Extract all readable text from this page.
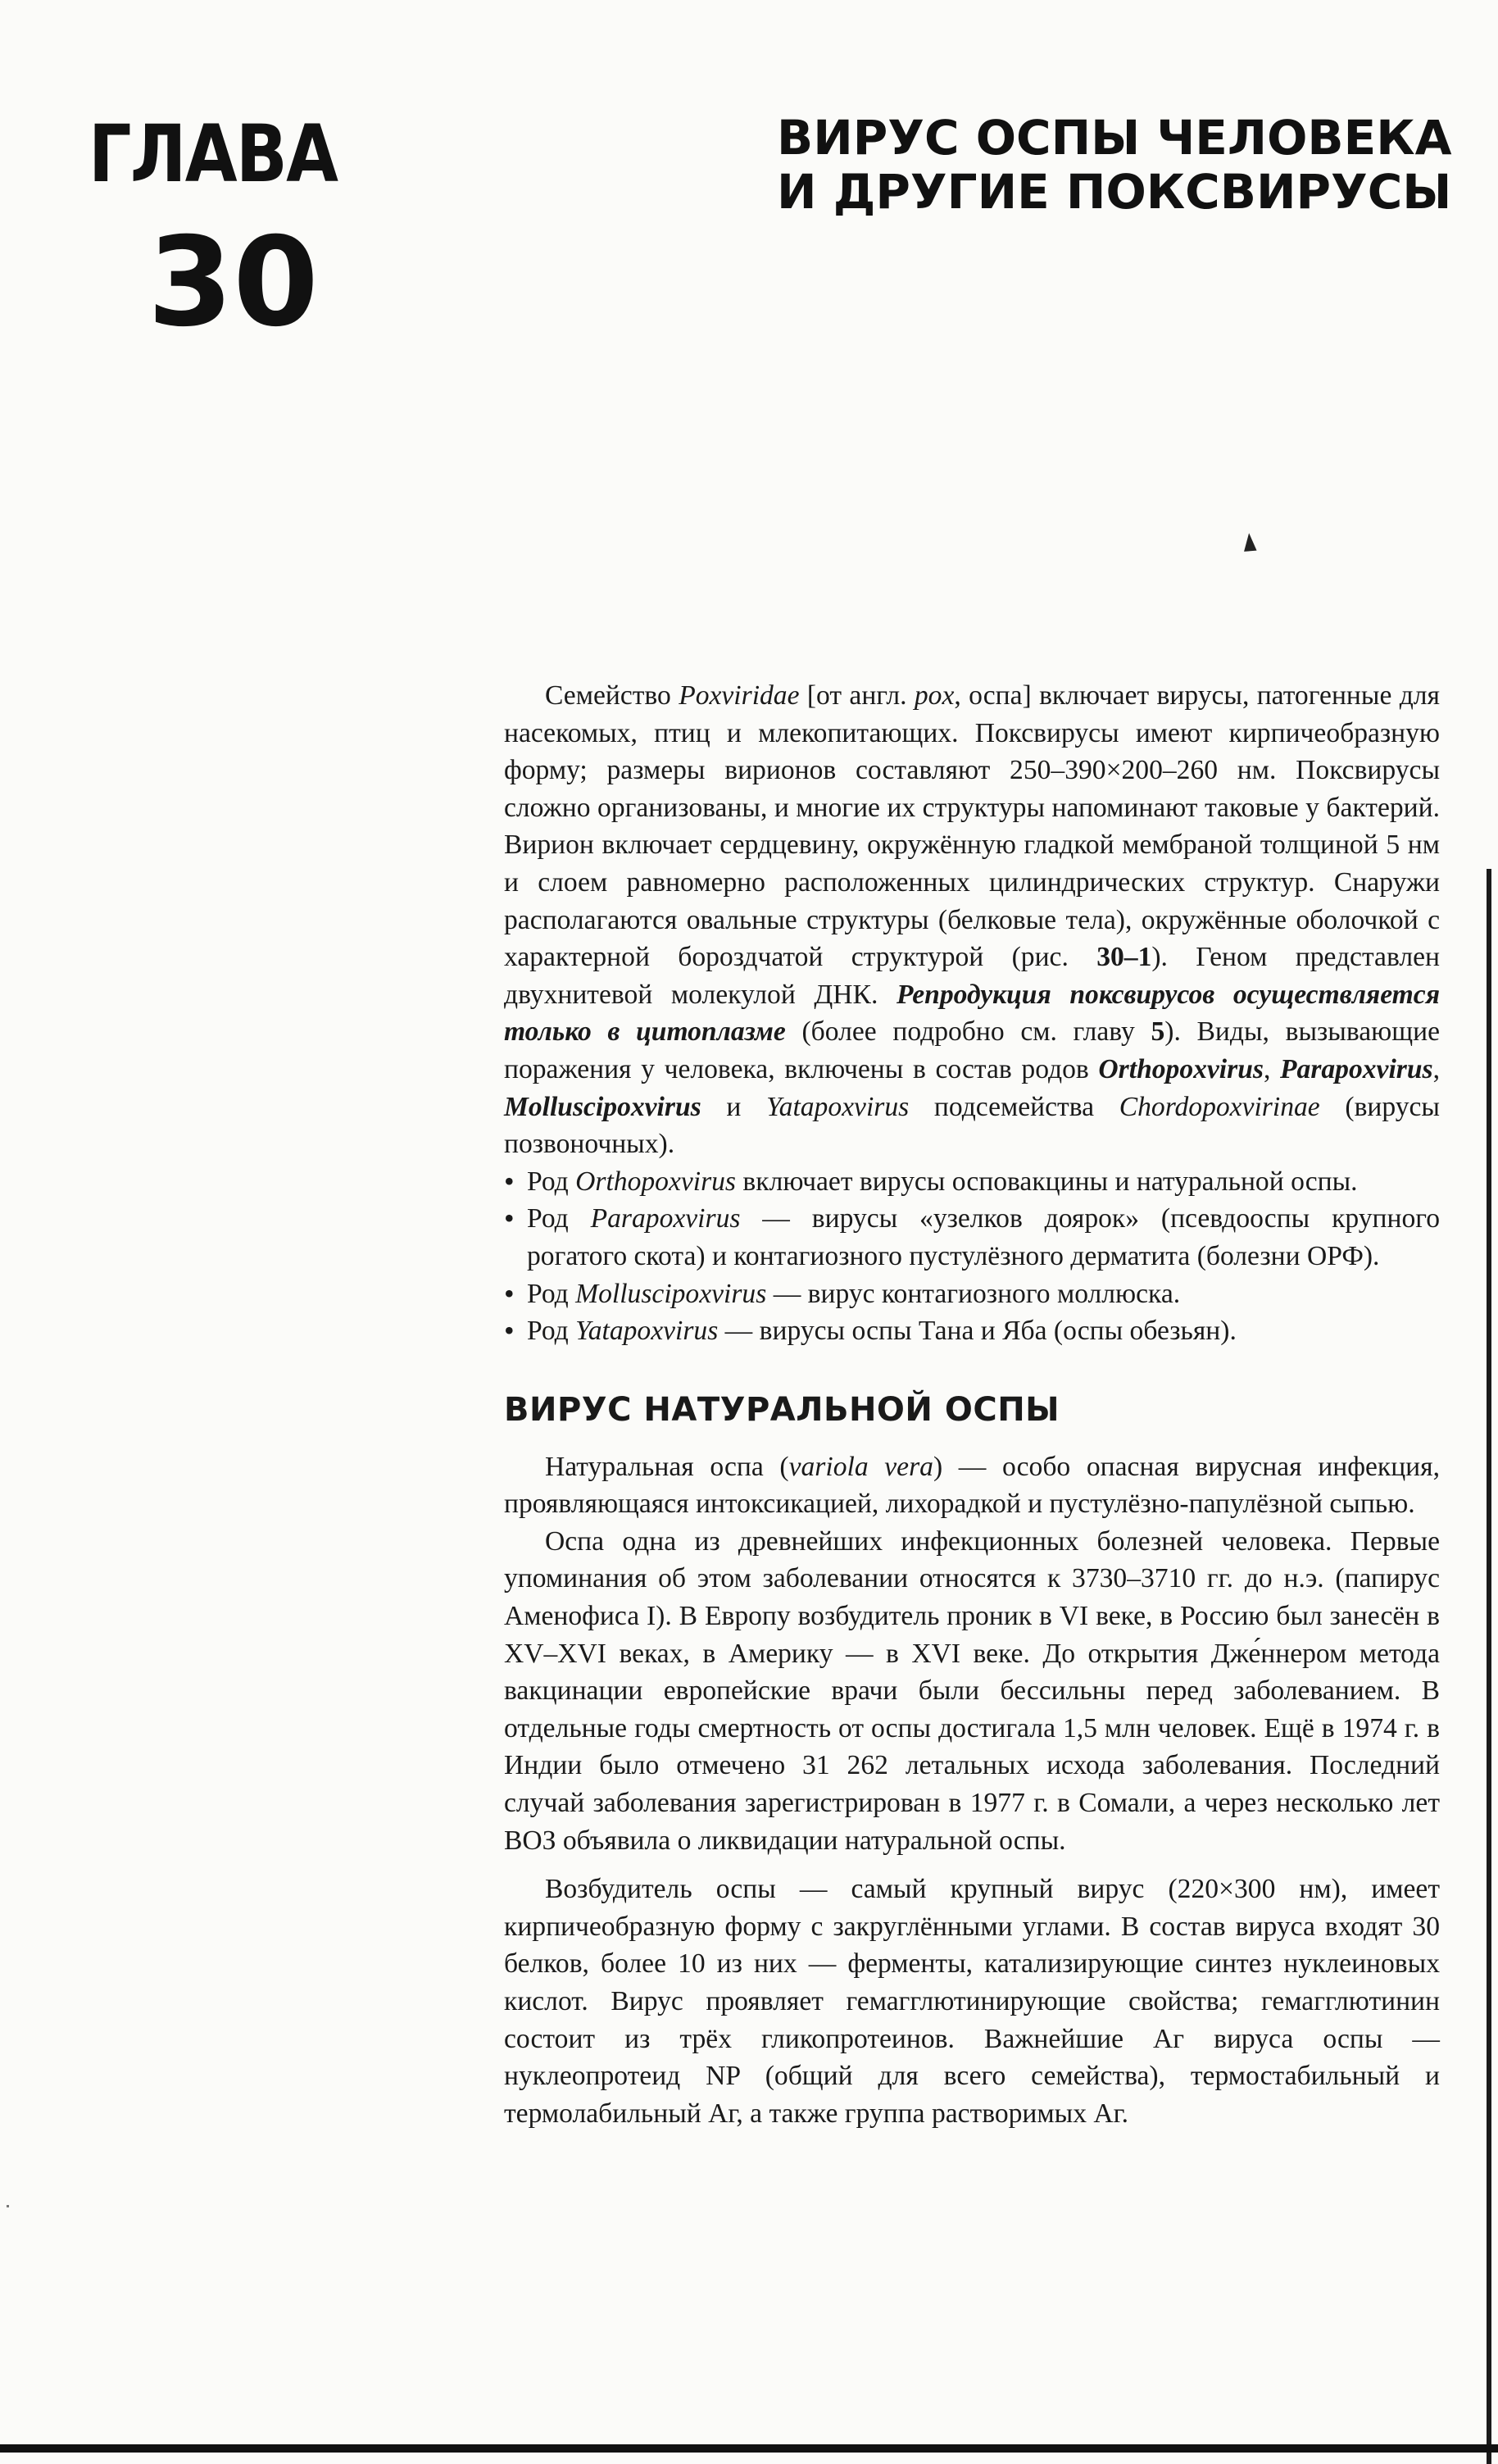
ГЛАВА
30
ВИРУС ОСПЫ ЧЕЛОВЕКА
И ДРУГИЕ ПОКСВИРУСЫ

Семейство Poxviridae [от англ. pox, оспа] включает вирусы, патогенные для насекомых, птиц и млекопитающих. Поксвирусы имеют кирпичеобразную форму; размеры вирионов составляют 250–390×200–260 нм. Поксвирусы сложно организованы, и многие их структуры напоминают таковые у бактерий. Вирион включает сердцевину, окружённую гладкой мембраной толщиной 5 нм и слоем равномерно расположенных цилиндрических структур. Снаружи располагаются овальные структуры (белковые тела), окружённые оболочкой с характерной бороздчатой структурой (рис. 30–1). Геном представлен двухнитевой молекулой ДНК. Репродукция поксвирусов осуществляется только в цитоплазме (более подробно см. главу 5). Виды, вызывающие поражения у человека, включены в состав родов Orthopoxvirus, Parapoxvirus, Molluscipoxvirus и Yatapoxvirus подсемейства Chordopoxvirinae (вирусы позвоночных).

• Род Orthopoxvirus включает вирусы осповакцины и натуральной оспы.
• Род Parapoxvirus — вирусы «узелков доярок» (псевдооспы крупного рогатого скота) и контагиозного пустулёзного дерматита (болезни ОРФ).
• Род Molluscipoxvirus — вирус контагиозного моллюска.
• Род Yatapoxvirus — вирусы оспы Тана и Яба (оспы обезьян).
ВИРУС НАТУРАЛЬНОЙ ОСПЫ

Натуральная оспа (variola vera) — особо опасная вирусная инфекция, проявляющаяся интоксикацией, лихорадкой и пустулёзно-папулёзной сыпью.

Оспа одна из древнейших инфекционных болезней человека. Первые упоминания об этом заболевании относятся к 3730–3710 гг. до н.э. (папирус Аменофиса I). В Европу возбудитель проник в VI веке, в Россию был занесён в XV–XVI веках, в Америку — в XVI веке. До открытия Дже́ннером метода вакцинации европейские врачи были бессильны перед заболеванием. В отдельные годы смертность от оспы достигала 1,5 млн человек. Ещё в 1974 г. в Индии было отмечено 31 262 летальных исхода заболевания. Последний случай заболевания зарегистрирован в 1977 г. в Сомали, а через несколько лет ВОЗ объявила о ликвидации натуральной оспы.

Возбудитель оспы — самый крупный вирус (220×300 нм), имеет кирпичеобразную форму с закруглёнными углами. В состав вируса входят 30 белков, более 10 из них — ферменты, катализирующие синтез нуклеиновых кислот. Вирус проявляет гемагглютинирующие свойства; гемагглютинин состоит из трёх гликопротеинов. Важнейшие Аг вируса оспы — нуклеопротеид NP (общий для всего семейства), термостабильный и термолабильный Аг, а также группа растворимых Аг.
